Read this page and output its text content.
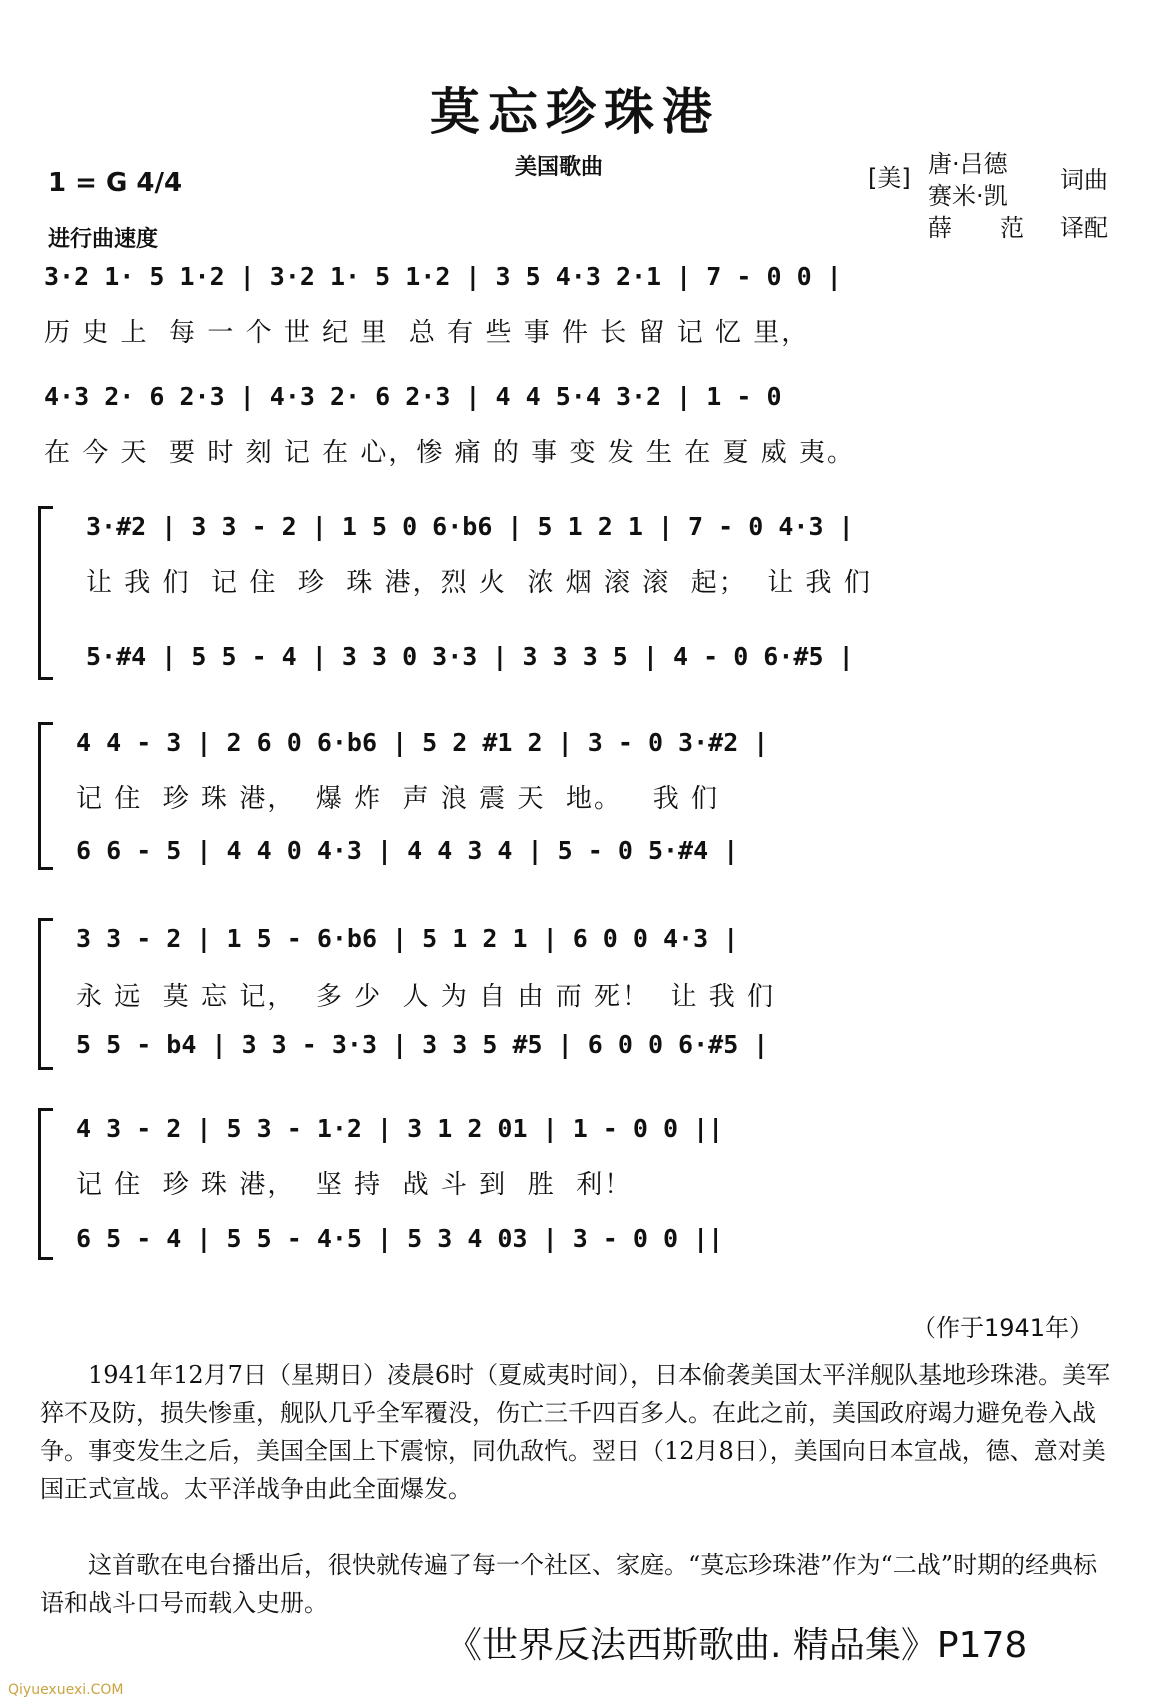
莫忘珍珠港
美国歌曲
1 = G 4/4
进行曲速度
[美] 唐·吕德
赛米·凯
词曲
薛　　范 译配
3·2 1· 5 1·2 | 3·2 1· 5 1·2 | 3 5 4·3 2·1 | 7 - 0 0 |
历 史 上  每 一 个 世 纪 里  总 有 些 事 件 长 留 记 忆 里，
4·3 2· 6 2·3 | 4·3 2· 6 2·3 | 4 4 5·4 3·2 | 1 - 0
在 今 天  要 时 刻 记 在 心，惨 痛 的 事 变 发 生 在 夏 威 夷。
3·#2 | 3 3 - 2 | 1 5 0 6·b6 | 5 1 2 1 | 7 - 0 4·3 |
让 我 们  记 住  珍  珠 港，烈 火  浓 烟 滚 滚  起；  让 我 们
5·#4 | 5 5 - 4 | 3 3 0 3·3 | 3 3 3 5 | 4 - 0 6·#5 |
4 4 - 3 | 2 6 0 6·b6 | 5 2 #1 2 | 3 - 0 3·#2 |
记 住  珍 珠 港，  爆 炸  声 浪 震 天  地。   我 们
6 6 - 5 | 4 4 0 4·3 | 4 4 3 4 | 5 - 0 5·#4 |
3 3 - 2 | 1 5 - 6·b6 | 5 1 2 1 | 6 0 0 4·3 |
永 远  莫 忘 记，  多 少  人 为 自 由 而 死！  让 我 们
5 5 - b4 | 3 3 - 3·3 | 3 3 5 #5 | 6 0 0 6·#5 |
4 3 - 2 | 5 3 - 1·2 | 3 1 2 01 | 1 - 0 0 ||
记 住  珍 珠 港，  坚 持  战 斗 到  胜  利！
6 5 - 4 | 5 5 - 4·5 | 5 3 4 03 | 3 - 0 0 ||
（作于1941年）
1941年12月7日（星期日）凌晨6时（夏威夷时间），日本偷袭美国太平洋舰队基地珍珠港。美军猝不及防，损失惨重，舰队几乎全军覆没，伤亡三千四百多人。在此之前，美国政府竭力避免卷入战争。事变发生之后，美国全国上下震惊，同仇敌忾。翌日（12月8日），美国向日本宣战，德、意对美国正式宣战。太平洋战争由此全面爆发。
这首歌在电台播出后，很快就传遍了每一个社区、家庭。“莫忘珍珠港”作为“二战”时期的经典标语和战斗口号而载入史册。
《世界反法西斯歌曲. 精品集》P178
Qiyuexuexi.COM
